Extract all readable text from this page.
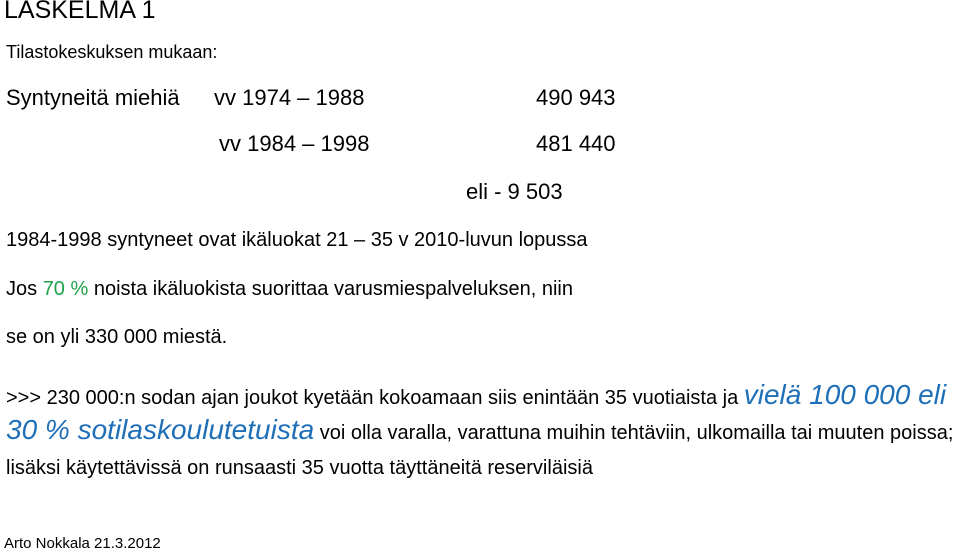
LASKELMA 1
Tilastokeskuksen mukaan:
Syntyneitä miehiä vv 1974 – 1988	490 943
vv 1984 – 1998	481 440
eli - 9 503
1984-1998 syntyneet ovat ikäluokat 21 – 35 v 2010-luvun lopussa
Jos 70 % noista ikäluokista suorittaa varusmiespalveluksen, niin
se on yli 330 000 miestä.
>>> 230 000:n sodan ajan joukot kyetään kokoamaan siis enintään 35 vuotiaista ja vielä 100 000 eli 30 % sotilaskoulutetuista voi olla varalla, varattuna muihin tehtäviin, ulkomailla tai muuten poissa; lisäksi käytettävissä on runsaasti 35 vuotta täyttäneitä reserviläisiä
Arto Nokkala 21.3.2012
